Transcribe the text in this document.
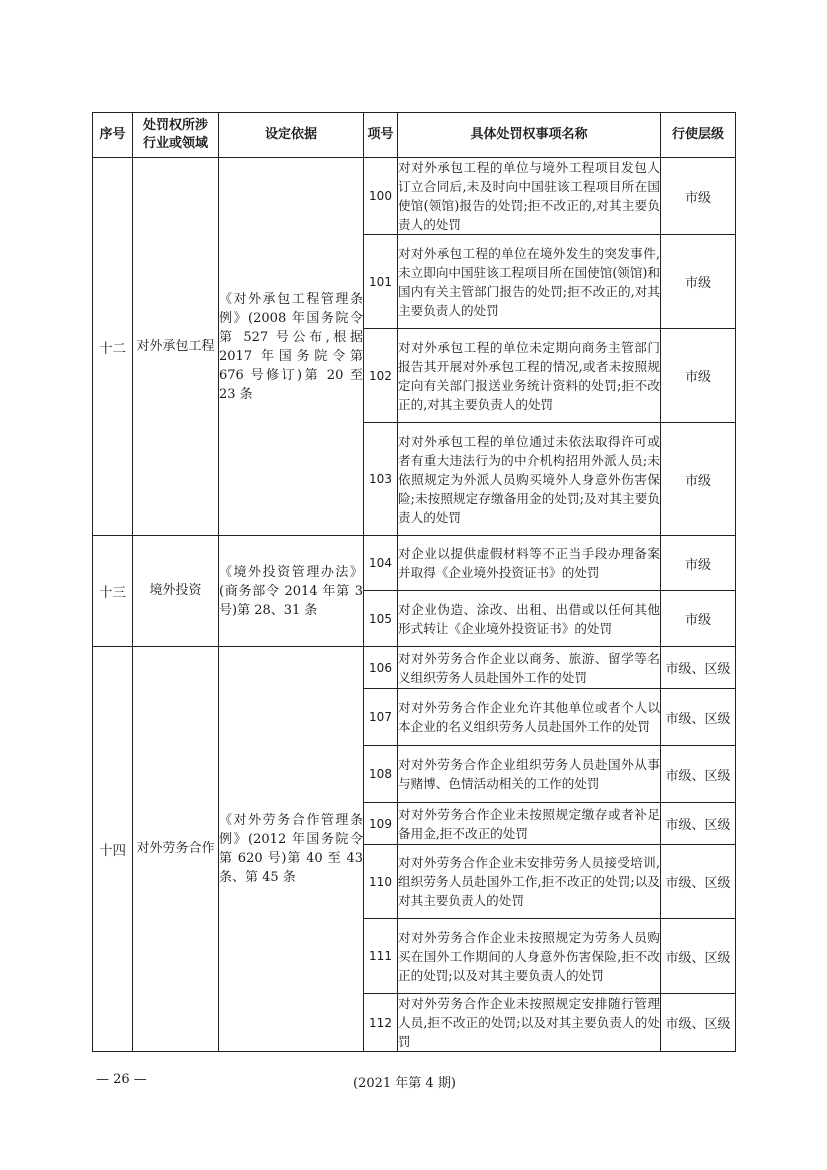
序号	处罚权所涉行业或领域	设定依据	项号	具体处罚权事项名称	行使层级
十二	对外承包工程	《对外承包工程管理条例》(2008 年国务院令第 527 号公布,根据 2017 年国务院令第 676 号修订)第 20 至 23 条	100	对对外承包工程的单位与境外工程项目发包人订立合同后,未及时向中国驻该工程项目所在国使馆(领馆)报告的处罚;拒不改正的,对其主要负责人的处罚	市级
			101	对对外承包工程的单位在境外发生的突发事件,未立即向中国驻该工程项目所在国使馆(领馆)和国内有关主管部门报告的处罚;拒不改正的,对其主要负责人的处罚	市级
			102	对对外承包工程的单位未定期向商务主管部门报告其开展对外承包工程的情况,或者未按照规定向有关部门报送业务统计资料的处罚;拒不改正的,对其主要负责人的处罚	市级
			103	对对外承包工程的单位通过未依法取得许可或者有重大违法行为的中介机构招用外派人员;未依照规定为外派人员购买境外人身意外伤害保险;未按照规定存缴备用金的处罚;及对其主要负责人的处罚	市级
十三	境外投资	《境外投资管理办法》(商务部令 2014 年第 3 号)第 28、31 条	104	对企业以提供虚假材料等不正当手段办理备案并取得《企业境外投资证书》的处罚	市级
			105	对企业伪造、涂改、出租、出借或以任何其他形式转让《企业境外投资证书》的处罚	市级
十四	对外劳务合作	《对外劳务合作管理条例》(2012 年国务院令第 620 号)第 40 至 43 条、第 45 条	106	对对外劳务合作企业以商务、旅游、留学等名义组织劳务人员赴国外工作的处罚	市级、区级
			107	对对外劳务合作企业允许其他单位或者个人以本企业的名义组织劳务人员赴国外工作的处罚	市级、区级
			108	对对外劳务合作企业组织劳务人员赴国外从事与赌博、色情活动相关的工作的处罚	市级、区级
			109	对对外劳务合作企业未按照规定缴存或者补足备用金,拒不改正的处罚	市级、区级
			110	对对外劳务合作企业未安排劳务人员接受培训,组织劳务人员赴国外工作,拒不改正的处罚;以及对其主要负责人的处罚	市级、区级
			111	对对外劳务合作企业未按照规定为劳务人员购买在国外工作期间的人身意外伤害保险,拒不改正的处罚;以及对其主要负责人的处罚	市级、区级
			112	对对外劳务合作企业未按照规定安排随行管理人员,拒不改正的处罚;以及对其主要负责人的处罚	市级、区级
— 26 —	(2021 年第 4 期)
